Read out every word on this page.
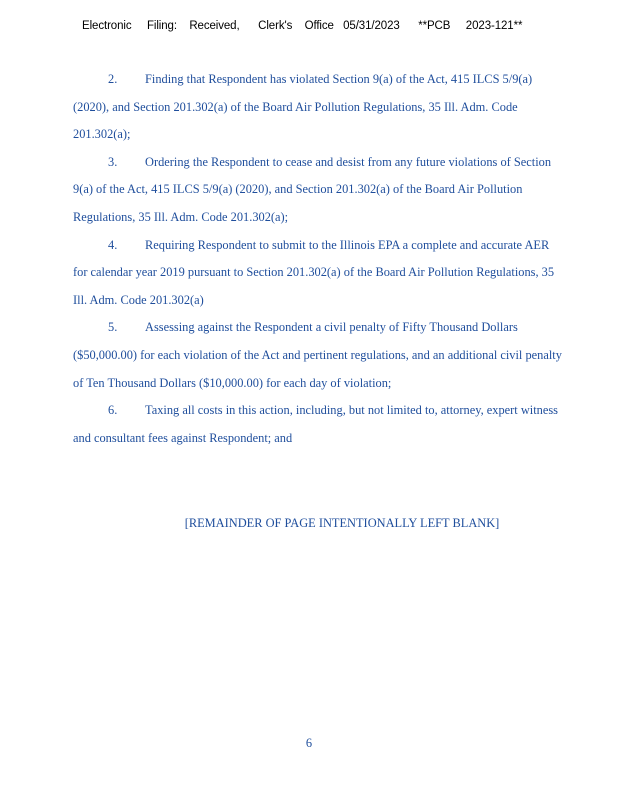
Electronic     Filing:    Received,      Clerk's    Office   05/31/2023      **PCB     2023-121**
2. Finding that Respondent has violated Section 9(a) of the Act, 415 ILCS 5/9(a)
(2020), and Section 201.302(a) of the Board Air Pollution Regulations, 35 Ill. Adm. Code
201.302(a);
3. Ordering the Respondent to cease and desist from any future violations of Section
9(a) of the Act, 415 ILCS 5/9(a) (2020), and Section 201.302(a) of the Board Air Pollution
Regulations, 35 Ill. Adm. Code 201.302(a);
4. Requiring Respondent to submit to the Illinois EPA a complete and accurate AER
for calendar year 2019 pursuant to Section 201.302(a) of the Board Air Pollution Regulations, 35
Ill. Adm. Code 201.302(a)
5. Assessing against the Respondent a civil penalty of Fifty Thousand Dollars
($50,000.00) for each violation of the Act and pertinent regulations, and an additional civil penalty
of Ten Thousand Dollars ($10,000.00) for each day of violation;
6. Taxing all costs in this action, including, but not limited to, attorney, expert witness
and consultant fees against Respondent; and
[REMAINDER OF PAGE INTENTIONALLY LEFT BLANK]
6
